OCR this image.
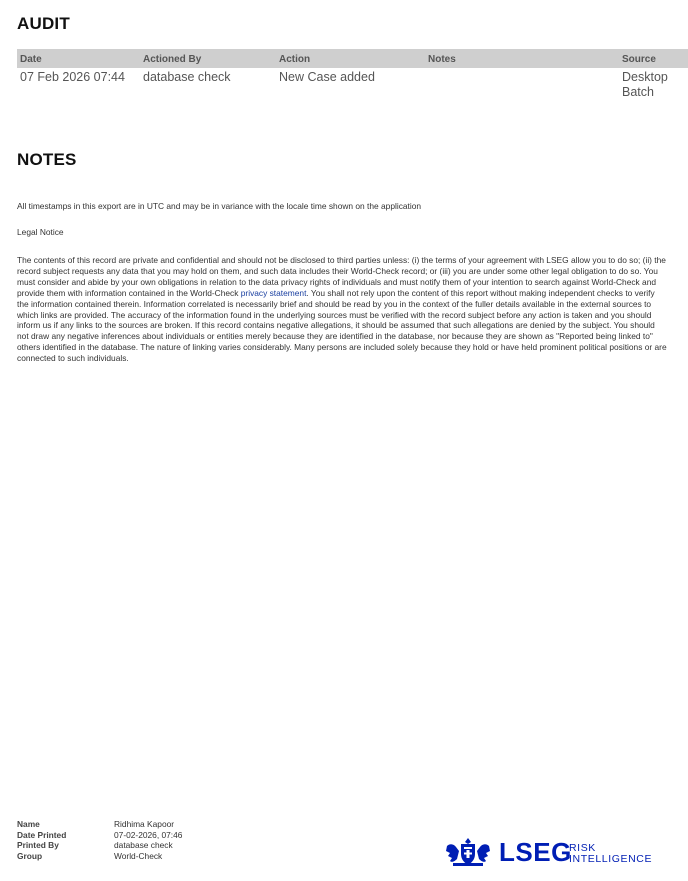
AUDIT
Date	Actioned By	Action	Notes	Source
07 Feb 2026 07:44	database check	New Case added		Desktop Batch
NOTES

All timestamps in this export are in UTC and may be in variance with the locale time shown on the application

Legal Notice

The contents of this record are private and confidential and should not be disclosed to third parties unless: (i) the terms of your agreement with LSEG allow you to do so; (ii) the record subject requests any data that you may hold on them, and such data includes their World-Check record; or (iii) you are under some other legal obligation to do so. You must consider and abide by your own obligations in relation to the data privacy rights of individuals and must notify them of your intention to search against World-Check and provide them with information contained in the World-Check privacy statement. You shall not rely upon the content of this report without making independent checks to verify the information contained therein. Information correlated is necessarily brief and should be read by you in the context of the fuller details available in the external sources to which links are provided. The accuracy of the information found in the underlying sources must be verified with the record subject before any action is taken and you should inform us if any links to the sources are broken. If this record contains negative allegations, it should be assumed that such allegations are denied by the subject. You should not draw any negative inferences about individuals or entities merely because they are identified in the database, nor because they are shown as "Reported being linked to" others identified in the database. The nature of linking varies considerably. Many persons are included solely because they hold or have held prominent political positions or are connected to such individuals.

Name	Ridhima Kapoor
Date Printed	07-02-2026, 07:46
Printed By	database check
Group	World-Check	LSEG
RISK
INTELLIGENCE
